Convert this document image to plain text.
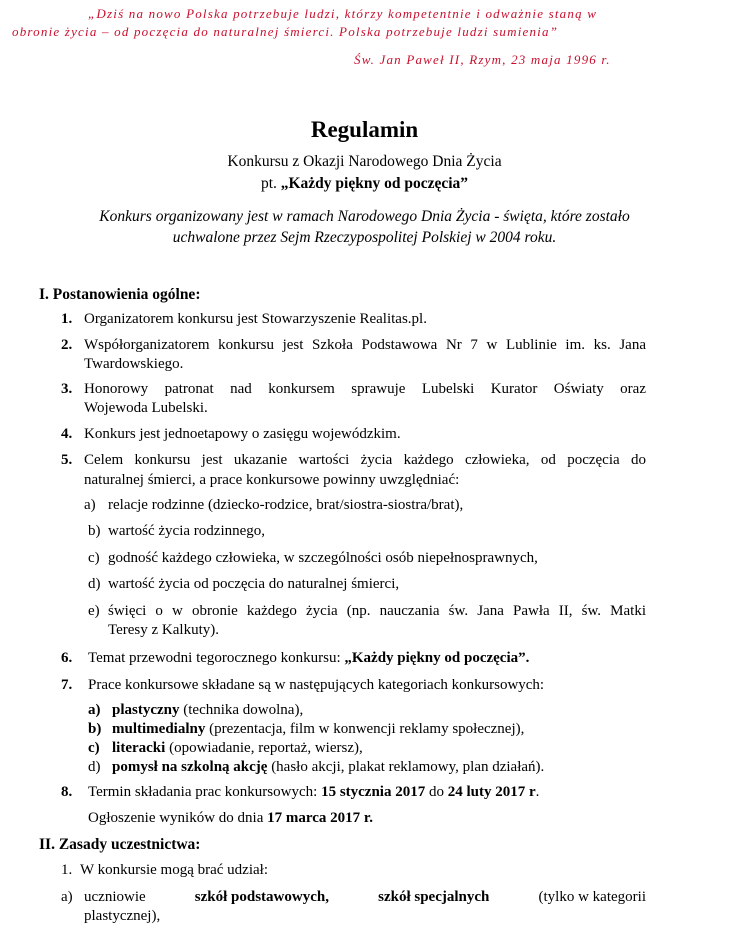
„Dziś na nowo Polska potrzebuje ludzi, którzy kompetentnie i odważnie staną w
obronie życia – od poczęcia do naturalnej śmierci. Polska potrzebuje ludzi sumienia”
Św. Jan Paweł II, Rzym, 23 maja 1996 r.
Regulamin
Konkursu z Okazji Narodowego Dnia Życia
pt. „Każdy piękny od poczęcia”
Konkurs organizowany jest w ramach Narodowego Dnia Życia - święta, które zostało
uchwalone przez Sejm Rzeczypospolitej Polskiej w 2004 roku.
I. Postanowienia ogólne:
1. Organizatorem konkursu jest Stowarzyszenie Realitas.pl.
2. Współorganizatorem konkursu jest Szkoła Podstawowa Nr 7 w Lublinie im. ks. Jana
Twardowskiego.
3. Honorowy patronat nad konkursem sprawuje Lubelski Kurator Oświaty oraz
Wojewoda Lubelski.
4. Konkurs jest jednoetapowy o zasięgu wojewódzkim.
5. Celem konkursu jest ukazanie wartości życia każdego człowieka, od poczęcia do
naturalnej śmierci, a prace konkursowe powinny uwzględniać:
a) relacje rodzinne (dziecko-rodzice, brat/siostra-siostra/brat),
b) wartość życia rodzinnego,
c) godność każdego człowieka, w szczególności osób niepełnosprawnych,
d) wartość życia od poczęcia do naturalnej śmierci,
e) święci o w obronie każdego życia (np. nauczania św. Jana Pawła II, św. Matki
Teresy z Kalkuty).
6. Temat przewodni tegorocznego konkursu: „Każdy piękny od poczęcia”.
7. Prace konkursowe składane są w następujących kategoriach konkursowych:
a) plastyczny (technika dowolna),
b) multimedialny (prezentacja, film w konwencji reklamy społecznej),
c) literacki (opowiadanie, reportaż, wiersz),
d) pomysł na szkolną akcję (hasło akcji, plakat reklamowy, plan działań).
8. Termin składania prac konkursowych: 15 stycznia 2017 do 24 luty 2017 r.
Ogłoszenie wyników do dnia 17 marca 2017 r.
II. Zasady uczestnictwa:
1. W konkursie mogą brać udział:
a) uczniowie	szkół podstawowych,	szkół specjalnych	(tylko w kategorii
plastycznej),
